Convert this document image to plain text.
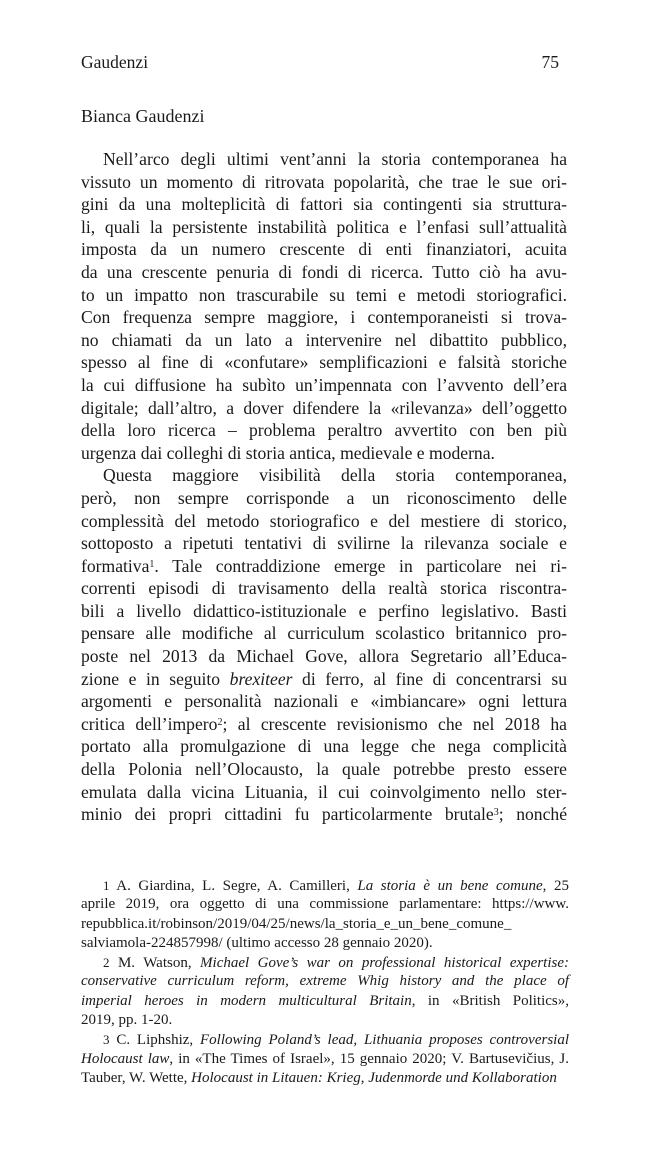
Gaudenzi	75
Bianca Gaudenzi
Nell’arco degli ultimi vent’anni la storia contemporanea ha
vissuto un momento di ritrovata popolarità, che trae le sue ori-
gini da una molteplicità di fattori sia contingenti sia struttura-
li, quali la persistente instabilità politica e l’enfasi sull’attualità
imposta da un numero crescente di enti finanziatori, acuita
da una crescente penuria di fondi di ricerca. Tutto ciò ha avu-
to un impatto non trascurabile su temi e metodi storiografici.
Con frequenza sempre maggiore, i contemporaneisti si trova-
no chiamati da un lato a intervenire nel dibattito pubblico,
spesso al fine di «confutare» semplificazioni e falsità storiche
la cui diffusione ha subìto un’impennata con l’avvento dell’era
digitale; dall’altro, a dover difendere la «rilevanza» dell’oggetto
della loro ricerca – problema peraltro avvertito con ben più
urgenza dai colleghi di storia antica, medievale e moderna.
Questa maggiore visibilità della storia contemporanea,
però, non sempre corrisponde a un riconoscimento delle
complessità del metodo storiografico e del mestiere di storico,
sottoposto a ripetuti tentativi di svilirne la rilevanza sociale e
formativa$^1$. Tale contraddizione emerge in particolare nei ri-
correnti episodi di travisamento della realtà storica riscontra-
bili a livello didattico-istituzionale e perfino legislativo. Basti
pensare alle modifiche al curriculum scolastico britannico pro-
poste nel 2013 da Michael Gove, allora Segretario all’Educa-
zione e in seguito brexiteer di ferro, al fine di concentrarsi su
argomenti e personalità nazionali e «imbiancare» ogni lettura
critica dell’impero$^2$; al crescente revisionismo che nel 2018 ha
portato alla promulgazione di una legge che nega complicità
della Polonia nell’Olocausto, la quale potrebbe presto essere
emulata dalla vicina Lituania, il cui coinvolgimento nello ster-
minio dei propri cittadini fu particolarmente brutale$^3$; nonché
1 A. Giardina, L. Segre, A. Camilleri, La storia è un bene comune, 25
aprile 2019, ora oggetto di una commissione parlamentare: https://www.
repubblica.it/robinson/2019/04/25/news/la_storia_e_un_bene_comune_
salviamola-224857998/ (ultimo accesso 28 gennaio 2020).
2 M. Watson, Michael Gove’s war on professional historical expertise:
conservative curriculum reform, extreme Whig history and the place of
imperial heroes in modern multicultural Britain, in «British Politics»,
2019, pp. 1-20.
3 C. Liphshiz, Following Poland’s lead, Lithuania proposes controversial
Holocaust law, in «The Times of Israel», 15 gennaio 2020; V. Bartusevičius, J.
Tauber, W. Wette, Holocaust in Litauen: Krieg, Judenmorde und Kollaboration
